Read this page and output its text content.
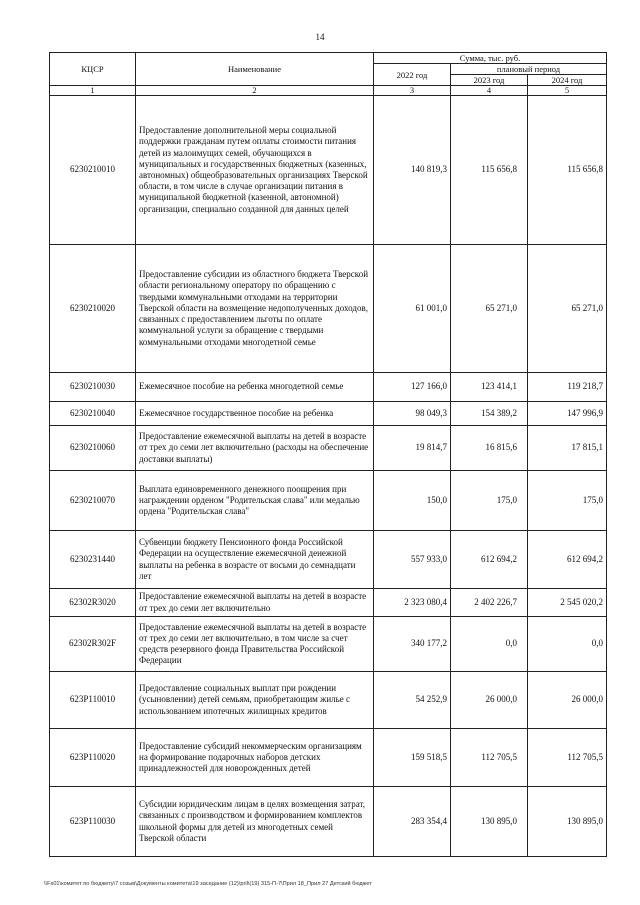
14
КЦСР	Наименование	Сумма, тыс. руб.		
		2022 год	плановый период	
			2023 год	2024 год
1	2	3	4	5
6230210010	Предоставление дополнительной меры социальной поддержки гражданам путем оплаты стоимости питания детей из малоимущих семей, обучающихся в муниципальных и государственных бюджетных (казенных, автономных) общеобразовательных организациях Тверской области, в том числе в случае организации питания в муниципальной бюджетной (казенной, автономной) организации, специально созданной для данных целей	140 819,3	115 656,8	115 656,8
6230210020	Предоставление субсидии из областного бюджета Тверской области региональному оператору по обращению с твердыми коммунальными отходами на территории Тверской области на возмещение недополученных доходов, связанных с предоставлением льготы по оплате коммунальной услуги за обращение с твердыми коммунальными отходами многодетной семье	61 001,0	65 271,0	65 271,0
6230210030	Ежемесячное пособие на ребенка многодетной семье	127 166,0	123 414,1	119 218,7
6230210040	Ежемесячное государственное пособие на ребенка	98 049,3	154 389,2	147 996,9
6230210060	Предоставление ежемесячной выплаты на детей в возрасте от трех до семи лет включительно (расходы на обеспечение доставки выплаты)	19 814,7	16 815,6	17 815,1
6230210070	Выплата единовременного денежного поощрения при награждении орденом "Родительская слава" или медалью ордена "Родительская слава"	150,0	175,0	175,0
6230231440	Субвенции бюджету Пенсионного фонда Российской Федерации на осуществление ежемесячной денежной выплаты на ребенка в возрасте от восьми до семнадцати лет	557 933,0	612 694,2	612 694,2
62302R3020	Предоставление ежемесячной выплаты на детей в возрасте от трех до семи лет включительно	2 323 080,4	2 402 226,7	2 545 020,2
62302R302F	Предоставление ежемесячной выплаты на детей в возрасте от трех до семи лет включительно, в том числе за счет средств резервного фонда Правительства Российской Федерации	340 177,2	0,0	0,0
623P110010	Предоставление социальных выплат при рождении (усыновлении) детей семьям, приобретающим жилье с использованием ипотечных жилищных кредитов	54 252,9	26 000,0	26 000,0
623P110020	Предоставление субсидий некоммерческим организациям на формирование подарочных наборов детских принадлежностей для новорожденных детей	159 518,5	112 705,5	112 705,5
623P110030	Субсидии юридическим лицам в целях возмещения затрат, связанных с производством и формированием комплектов школьной формы для детей из многодетных семей Тверской области	283 354,4	130 895,0	130 895,0
\\Fs01\комитет по бюджету\7 созыв\Документы комитета\19 заседание (12)\pril\(19) 315-П-7\Прил 18_Прил 27 Детский бюджет
